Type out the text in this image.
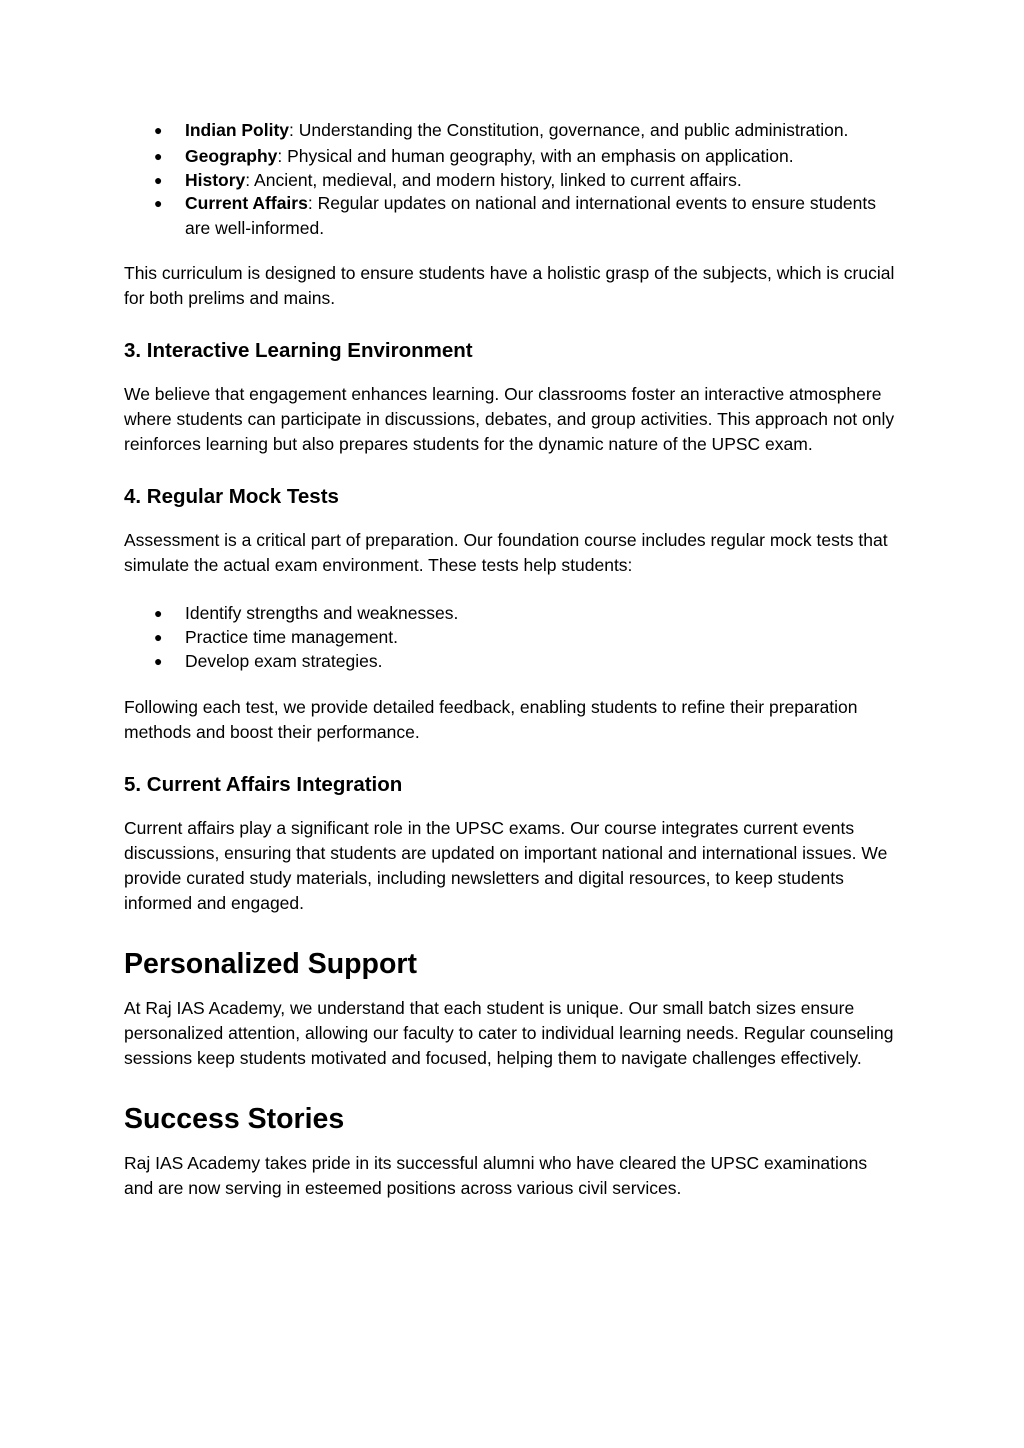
● Indian Polity: Understanding the Constitution, governance, and public administration.
● Geography: Physical and human geography, with an emphasis on application.
● History: Ancient, medieval, and modern history, linked to current affairs.
● Current Affairs: Regular updates on national and international events to ensure students are well-informed.

This curriculum is designed to ensure students have a holistic grasp of the subjects, which is crucial for both prelims and mains.

3. Interactive Learning Environment

We believe that engagement enhances learning. Our classrooms foster an interactive atmosphere where students can participate in discussions, debates, and group activities. This approach not only reinforces learning but also prepares students for the dynamic nature of the UPSC exam.

4. Regular Mock Tests

Assessment is a critical part of preparation. Our foundation course includes regular mock tests that simulate the actual exam environment. These tests help students:

● Identify strengths and weaknesses.
● Practice time management.
● Develop exam strategies.

Following each test, we provide detailed feedback, enabling students to refine their preparation methods and boost their performance.

5. Current Affairs Integration

Current affairs play a significant role in the UPSC exams. Our course integrates current events discussions, ensuring that students are updated on important national and international issues. We provide curated study materials, including newsletters and digital resources, to keep students informed and engaged.

Personalized Support

At Raj IAS Academy, we understand that each student is unique. Our small batch sizes ensure personalized attention, allowing our faculty to cater to individual learning needs. Regular counseling sessions keep students motivated and focused, helping them to navigate challenges effectively.

Success Stories

Raj IAS Academy takes pride in its successful alumni who have cleared the UPSC examinations and are now serving in esteemed positions across various civil services.
